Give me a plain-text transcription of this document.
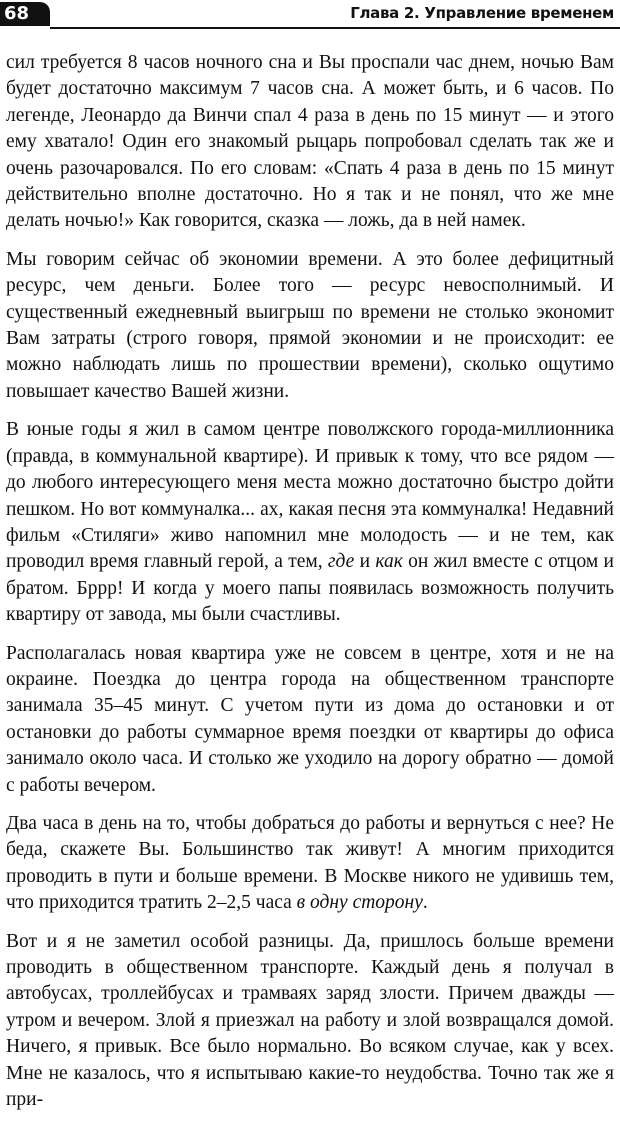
68	Глава 2. Управление временем

сил требуется 8 часов ночного сна и Вы проспали час днем, ночью Вам будет достаточно максимум 7 часов сна. А может быть, и 6 часов. По легенде, Леонардо да Винчи спал 4 раза в день по 15 минут — и этого ему хватало! Один его знакомый рыцарь попробовал сделать так же и очень разочаровался. По его словам: «Спать 4 раза в день по 15 минут действительно вполне достаточно. Но я так и не понял, что же мне делать ночью!» Как говорится, сказка — ложь, да в ней намек.

Мы говорим сейчас об экономии времени. А это более дефицитный ресурс, чем деньги. Более того — ресурс невосполнимый. И существенный ежедневный выигрыш по времени не столько экономит Вам затраты (строго говоря, прямой экономии и не происходит: ее можно наблюдать лишь по прошествии времени), сколько ощутимо повышает качество Вашей жизни.

В юные годы я жил в самом центре поволжского города-миллионника (правда, в коммунальной квартире). И привык к тому, что все рядом — до любого интересующего меня места можно достаточно быстро дойти пешком. Но вот коммуналка... ах, какая песня эта коммуналка! Недавний фильм «Стиляги» живо напомнил мне молодость — и не тем, как проводил время главный герой, а тем, где и как он жил вместе с отцом и братом. Бррр! И когда у моего папы появилась возможность получить квартиру от завода, мы были счастливы.

Располагалась новая квартира уже не совсем в центре, хотя и не на окраине. Поездка до центра города на общественном транспорте занимала 35–45 минут. С учетом пути из дома до остановки и от остановки до работы суммарное время поездки от квартиры до офиса занимало около часа. И столько же уходило на дорогу обратно — домой с работы вечером.

Два часа в день на то, чтобы добраться до работы и вернуться с нее? Не беда, скажете Вы. Большинство так живут! А многим приходится проводить в пути и больше времени. В Москве никого не удивишь тем, что приходится тратить 2–2,5 часа в одну сторону.

Вот и я не заметил особой разницы. Да, пришлось больше времени проводить в общественном транспорте. Каждый день я получал в автобусах, троллейбусах и трамваях заряд злости. Причем дважды — утром и вечером. Злой я приезжал на работу и злой возвращался домой. Ничего, я привык. Все было нормально. Во всяком случае, как у всех. Мне не казалось, что я испытываю какие-то неудобства. Точно так же я при-
